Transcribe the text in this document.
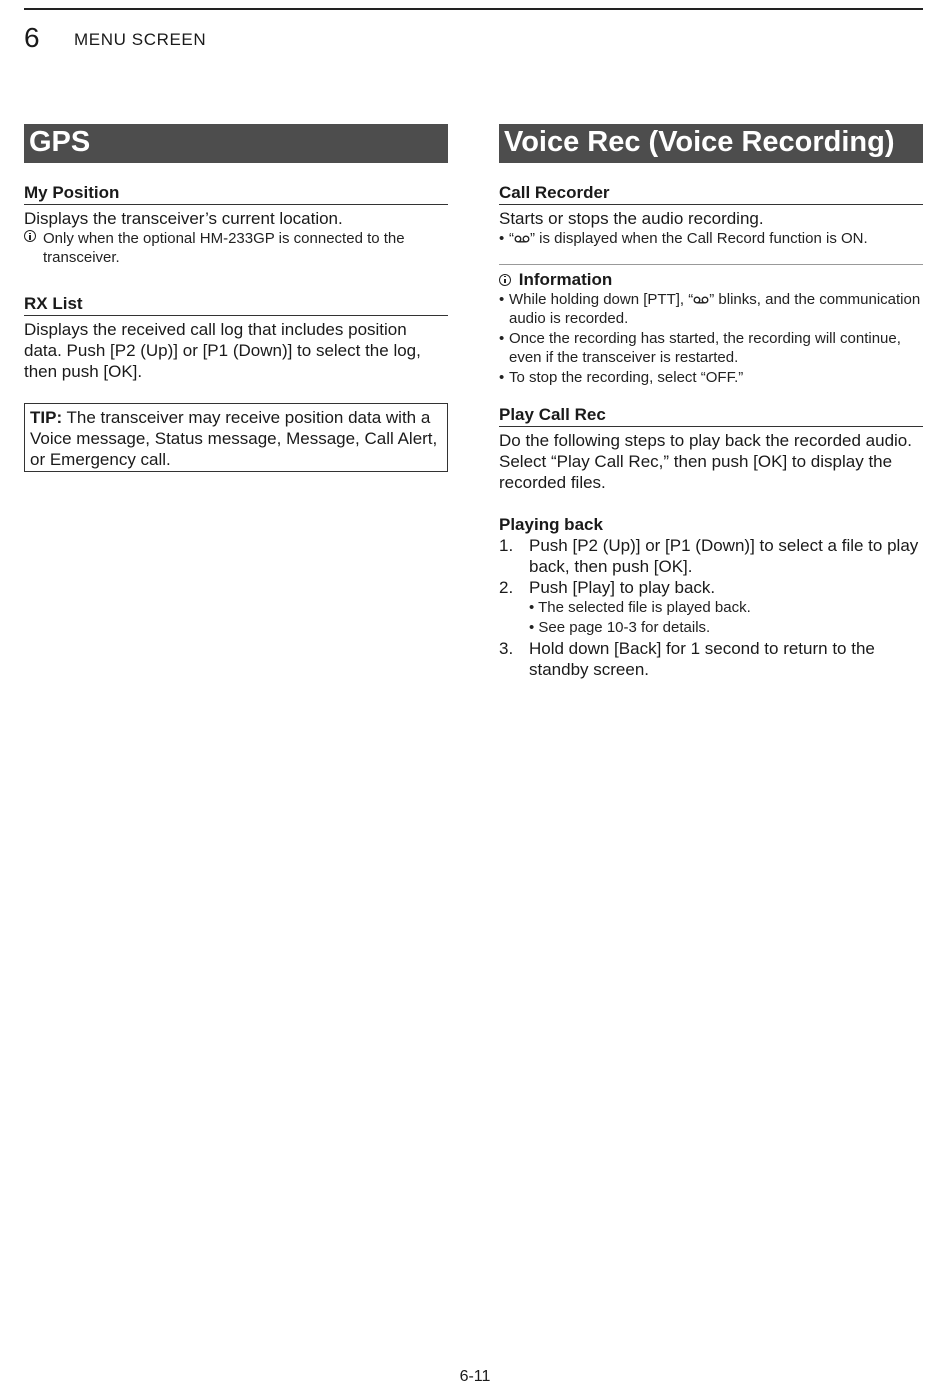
6 MENU SCREEN
GPS
My Position
Displays the transceiver’s current location.
Only when the optional HM-233GP is connected to the transceiver.
RX List
Displays the received call log that includes position data. Push [P2 (Up)] or [P1 (Down)] to select the log, then push [OK].
TIP: The transceiver may receive position data with a Voice message, Status message, Message, Call Alert, or Emergency call.
Voice Rec (Voice Recording)
Call Recorder
Starts or stops the audio recording.
• “ ” is displayed when the Call Record function is ON.
Information
• While holding down [PTT], “ ” blinks, and the communication audio is recorded.
• Once the recording has started, the recording will continue, even if the transceiver is restarted.
• To stop the recording, select “OFF.”
Play Call Rec
Do the following steps to play back the recorded audio.
Select “Play Call Rec,” then push [OK] to display the recorded files.
Playing back
1. Push [P2 (Up)] or [P1 (Down)] to select a file to play back, then push [OK].
2. Push [Play] to play back.
• The selected file is played back.
• See page 10-3 for details.
3. Hold down [Back] for 1 second to return to the standby screen.
6-11
